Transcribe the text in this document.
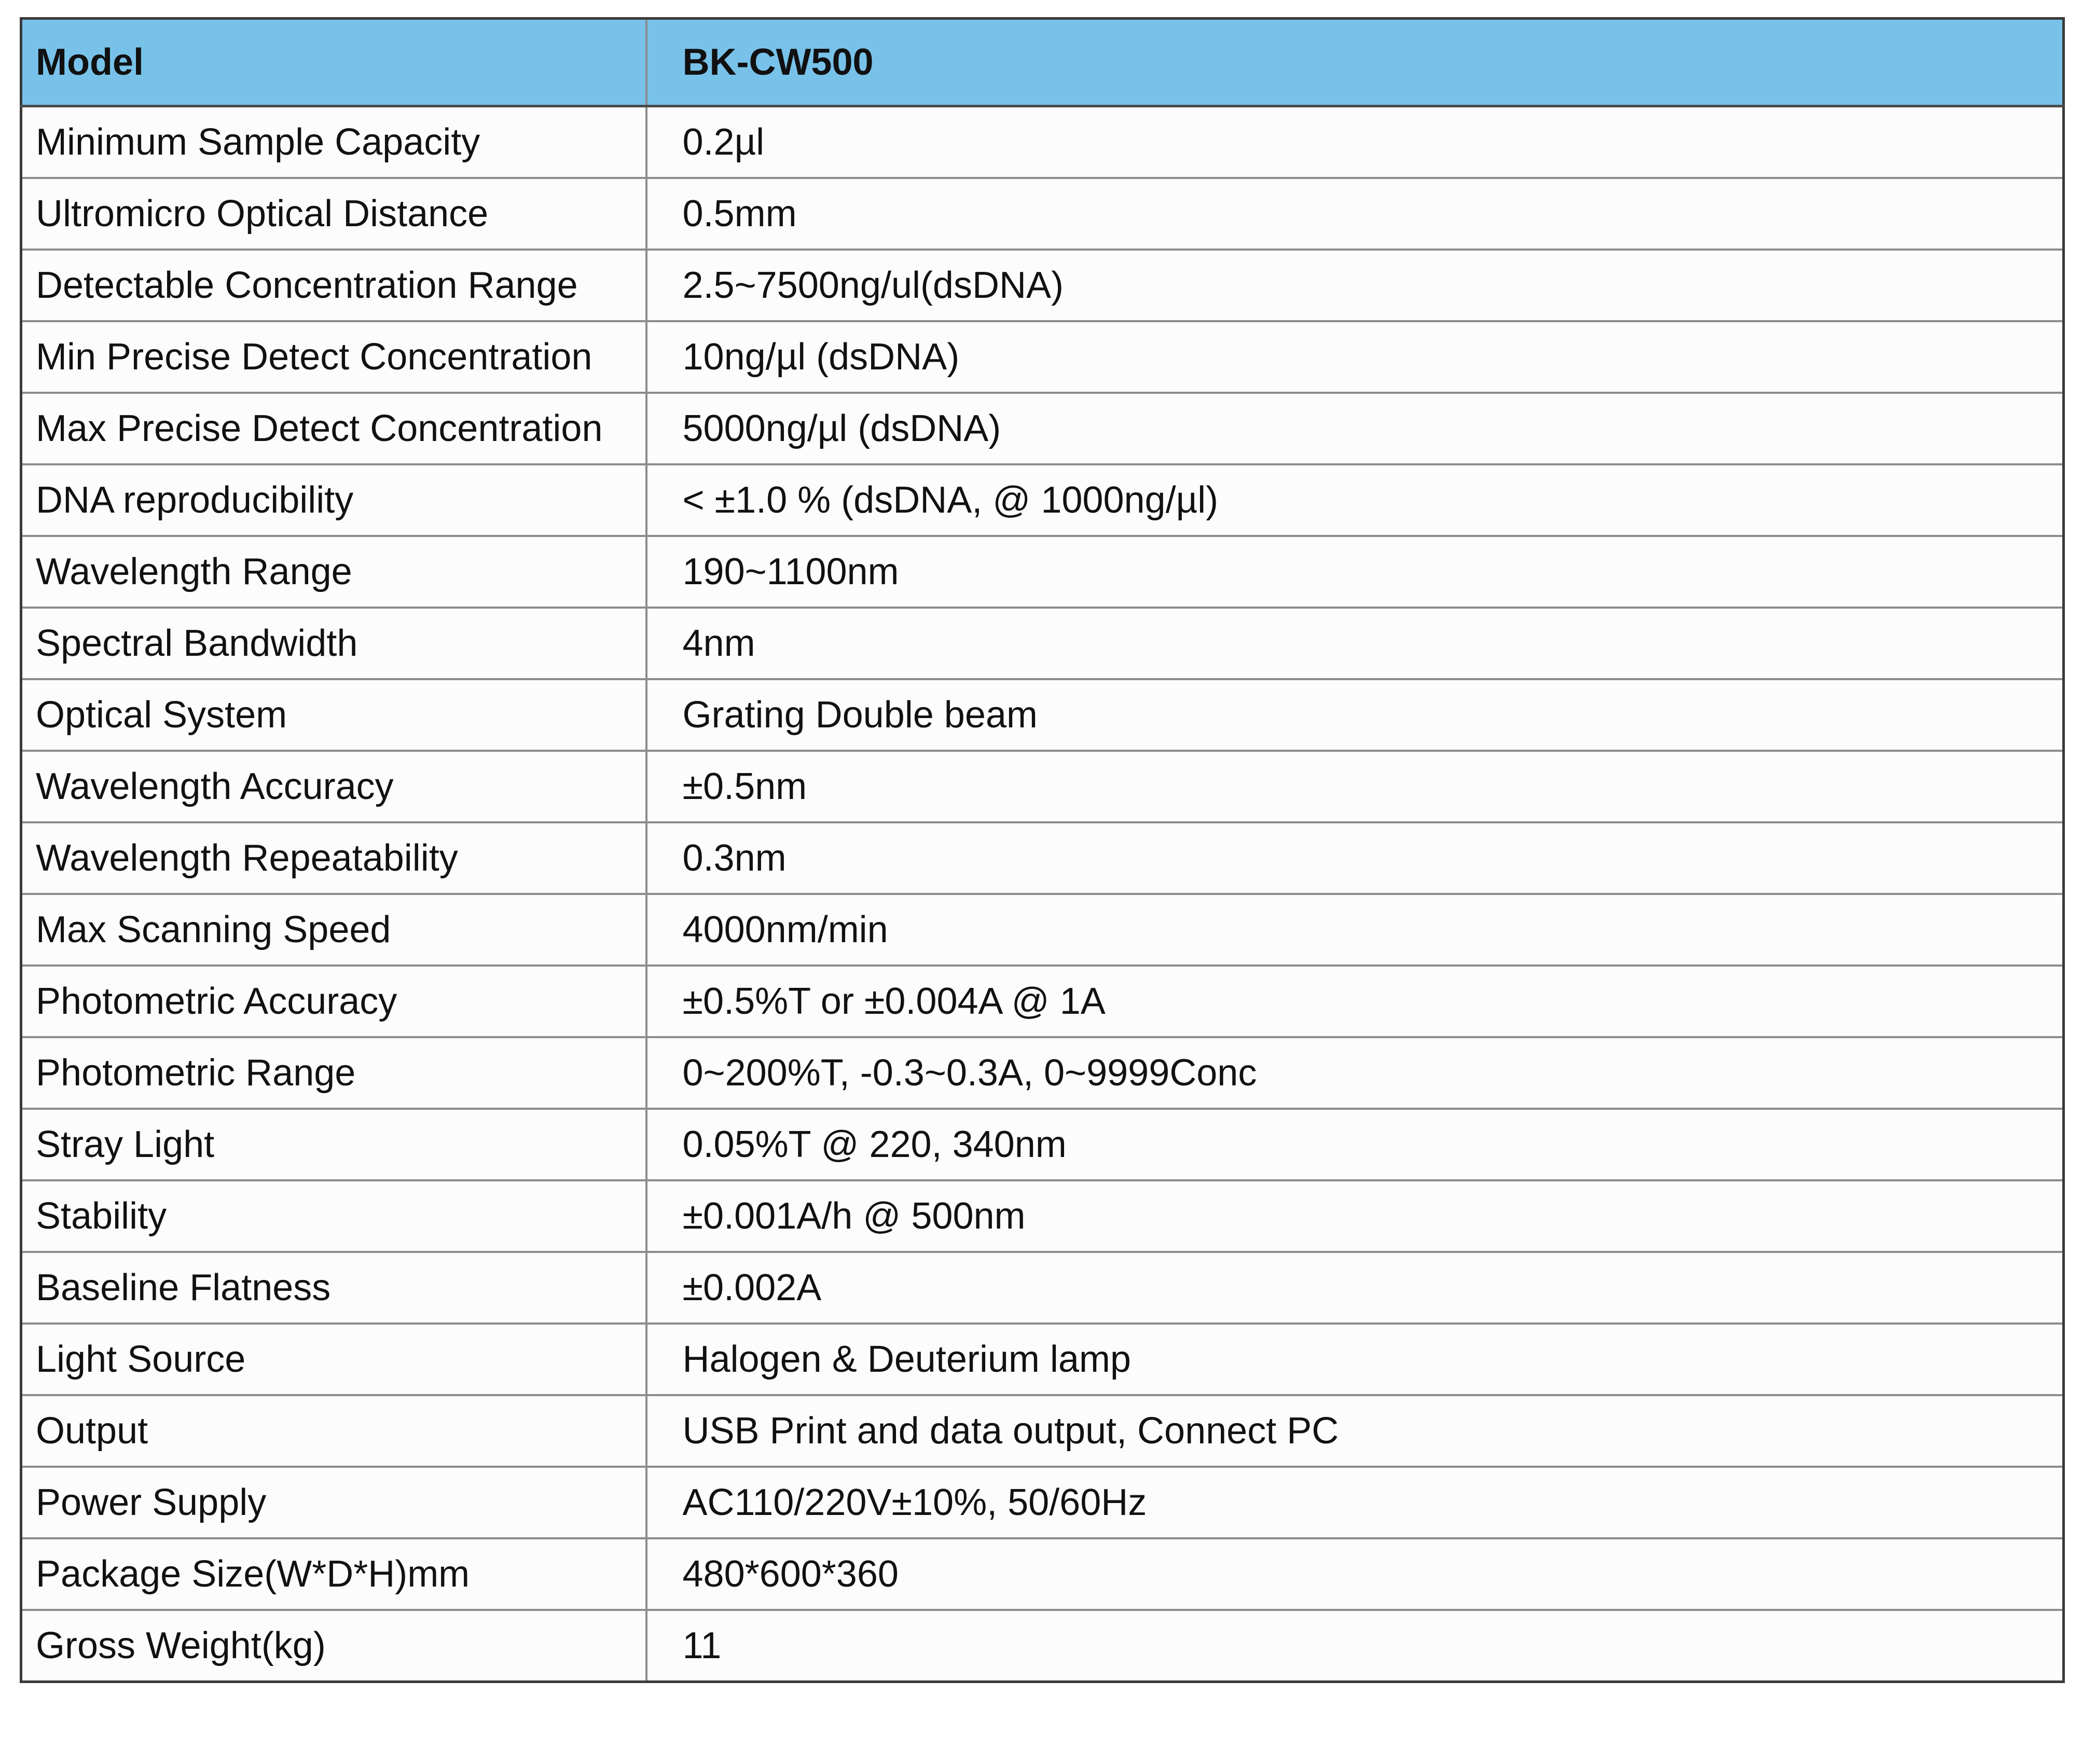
Model	BK-CW500
Minimum Sample Capacity	0.2µl
Ultromicro Optical Distance	0.5mm
Detectable Concentration Range	2.5~7500ng/ul(dsDNA)
Min Precise Detect Concentration	10ng/µl (dsDNA)
Max Precise Detect Concentration	5000ng/µl (dsDNA)
DNA reproducibility	< ±1.0 % (dsDNA, @ 1000ng/µl)
Wavelength Range	190~1100nm
Spectral Bandwidth	4nm
Optical System	Grating Double beam
Wavelength Accuracy	±0.5nm
Wavelength Repeatability	0.3nm
Max Scanning Speed	4000nm/min
Photometric Accuracy	±0.5%T or ±0.004A @ 1A
Photometric Range	0~200%T, -0.3~0.3A, 0~9999Conc
Stray Light	0.05%T @ 220, 340nm
Stability	±0.001A/h @ 500nm
Baseline Flatness	±0.002A
Light Source	Halogen & Deuterium lamp
Output	USB Print and data output, Connect PC
Power Supply	AC110/220V±10%, 50/60Hz
Package Size(W*D*H)mm	480*600*360
Gross Weight(kg)	11
